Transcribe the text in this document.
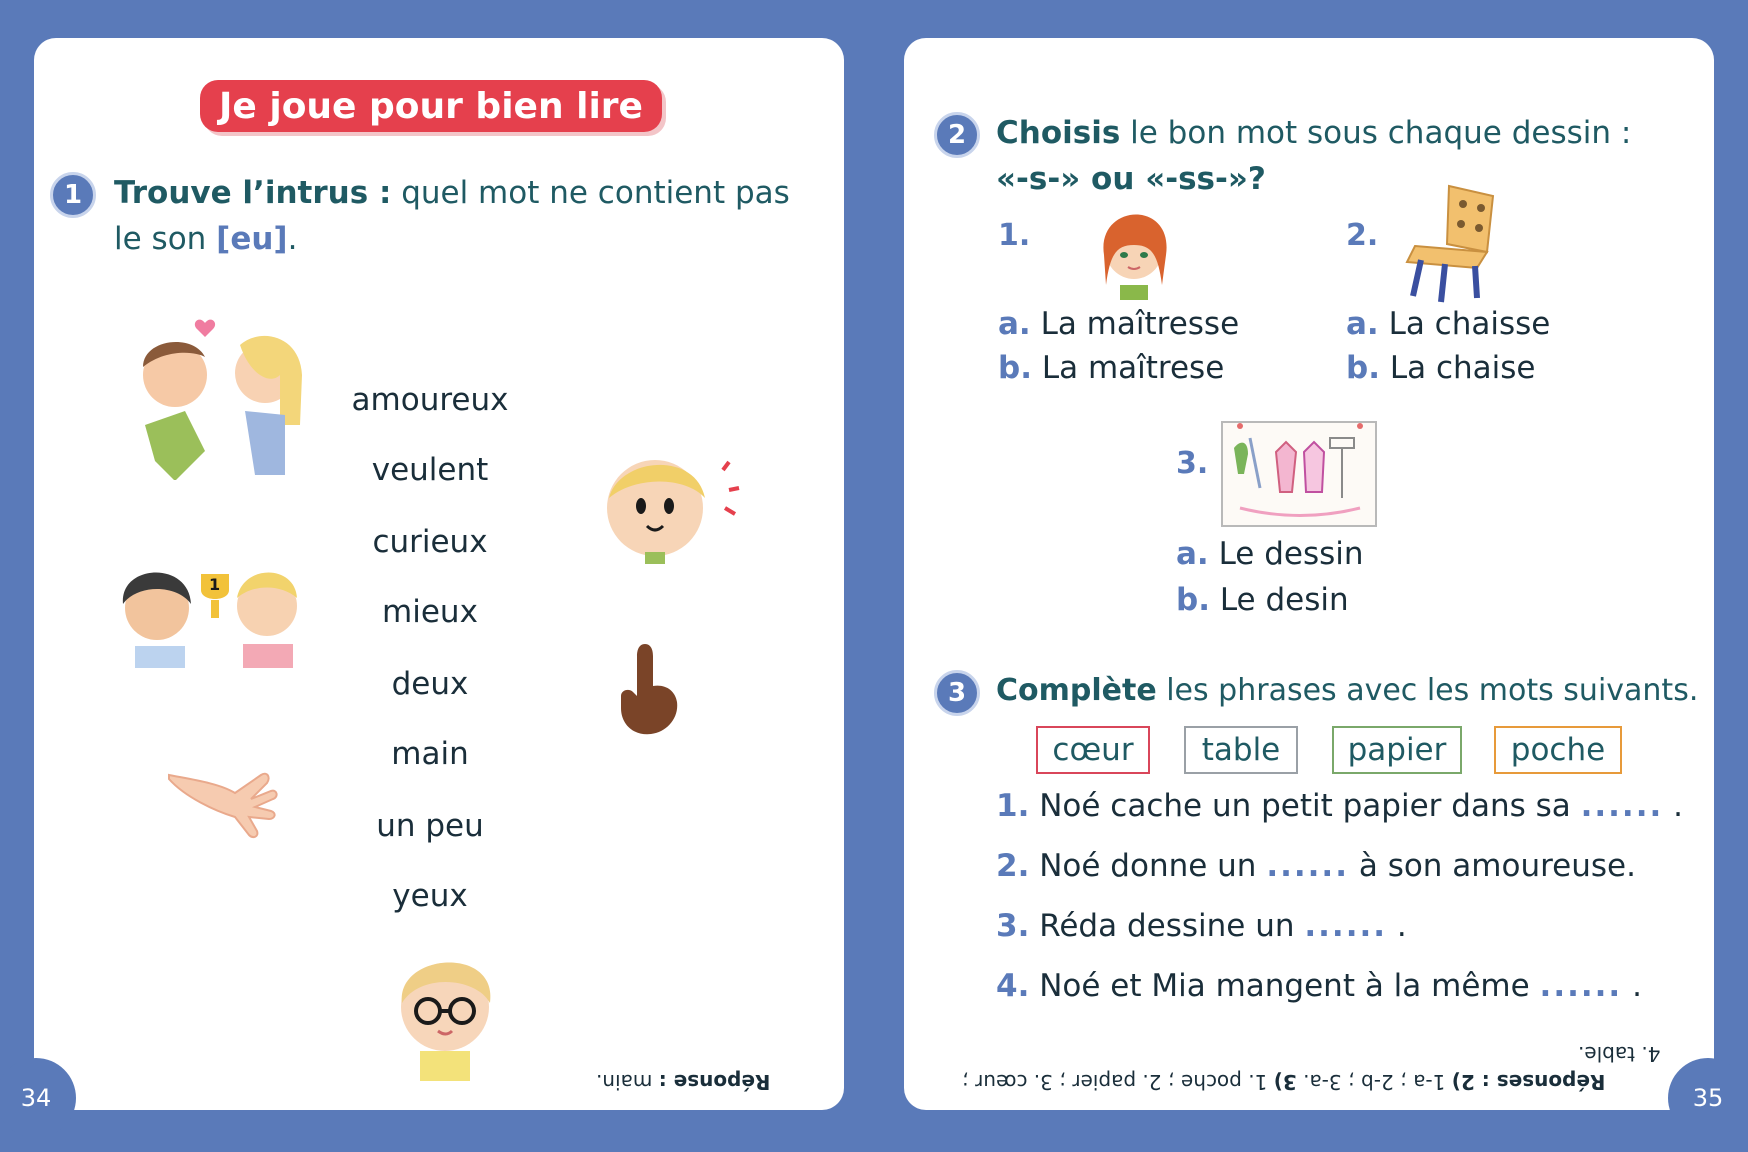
Je joue pour bien lire
1	Trouve l’intrus : quel mot ne contient pas
le son [eu].
amoureux
veulent
curieux
mieux
deux
main
un peu
yeux
1
Réponse : main.
34
2 Choisis le bon mot sous chaque dessin :
«-s-» ou «-ss-»?
1.
a. La maîtresse
b. La maîtrese
2.
a. La chaisse
b. La chaise
3.
a. Le dessin
b. Le desin
3 Complète les phrases avec les mots suivants.
cœur	table	papier	poche
1. Noé cache un petit papier dans sa ...... .
2. Noé donne un ...... à son amoureuse.
3. Réda dessine un ...... .
4. Noé et Mia mangent à la même ...... .
4. table.
Réponses : 2) 1-a ; 2-b ; 3-a. 3) 1. poche ; 2. papier ; 3. cœur ;
35
